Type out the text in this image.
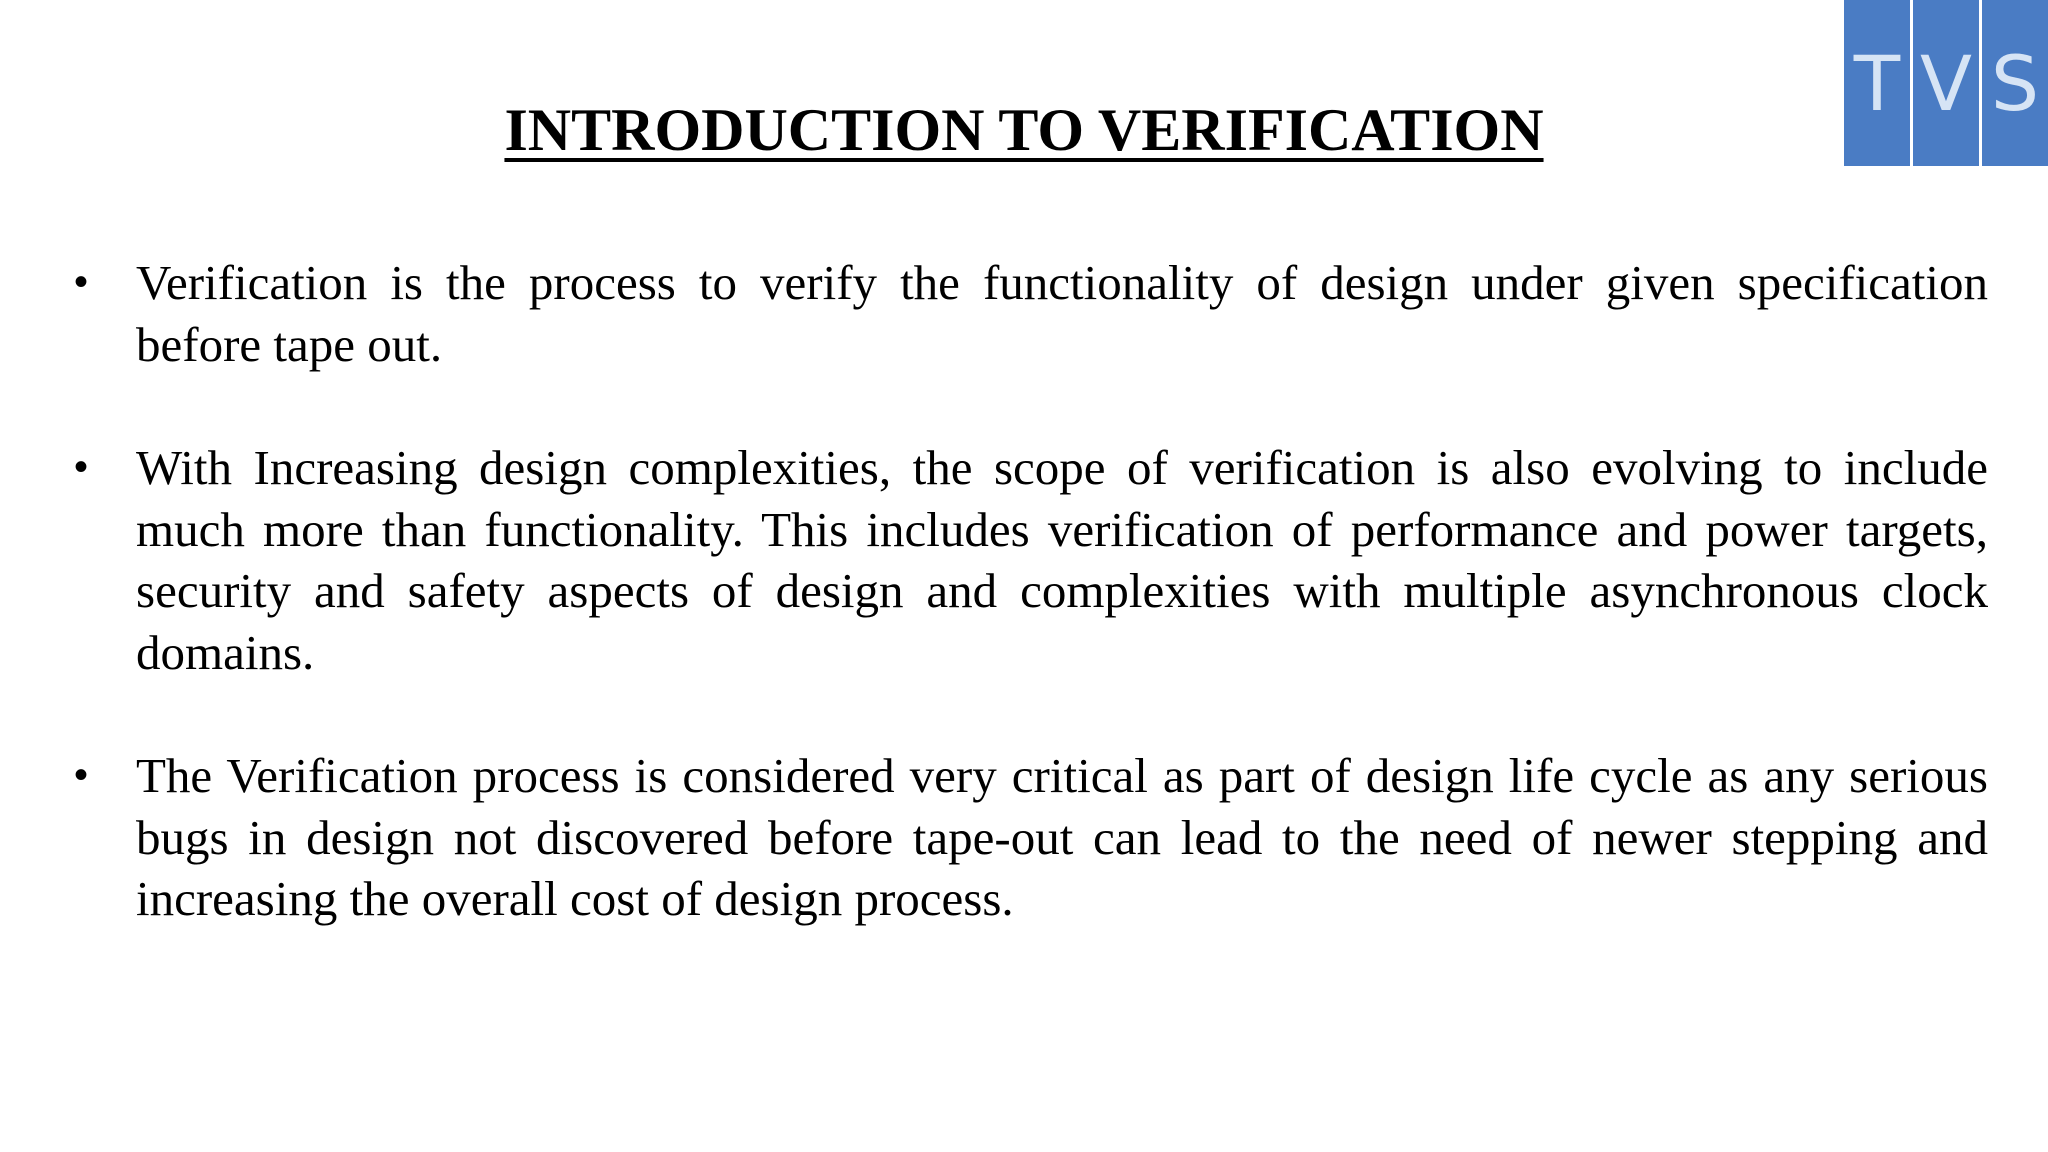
T V S
INTRODUCTION TO VERIFICATION
• Verification is the process to verify the functionality of design under given specification before tape out.
• With Increasing design complexities, the scope of verification is also evolving to include much more than functionality. This includes verification of performance and power targets, security and safety aspects of design and complexities with multiple asynchronous clock domains.
• The Verification process is considered very critical as part of design life cycle as any serious bugs in design not discovered before tape-out can lead to the need of newer stepping and increasing the overall cost of design process.
